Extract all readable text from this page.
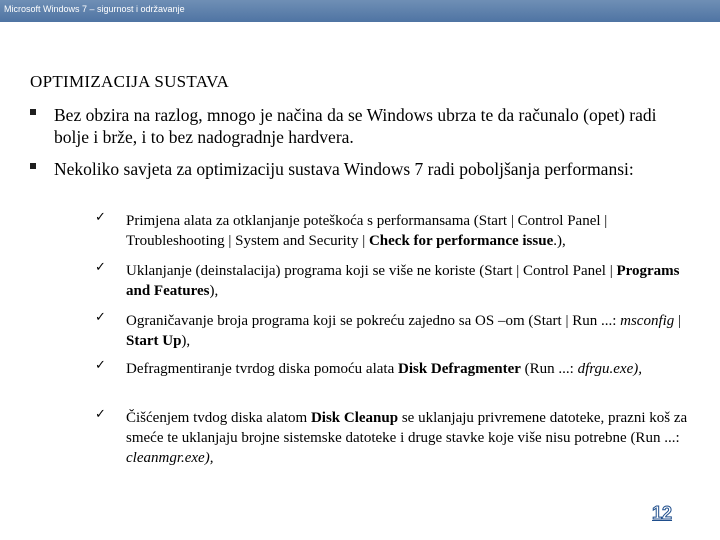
Microsoft Windows 7 – sigurnost i održavanje
OPTIMIZACIJA SUSTAVA
Bez obzira na razlog, mnogo je načina da se Windows ubrza te da računalo (opet) radi bolje i brže, i to bez nadogradnje hardvera.
Nekoliko savjeta za optimizaciju sustava Windows 7 radi poboljšanja performansi:
✓ Primjena alata za otklanjanje poteškoća s performansama (Start | Control Panel | Troubleshooting | System and Security | Check for performance issue.),
✓ Uklanjanje (deinstalacija) programa koji se više ne koriste (Start | Control Panel | Programs and Features),
✓ Ograničavanje broja programa koji se pokreću zajedno sa OS –om (Start | Run ...: msconfig | Start Up),
✓ Defragmentiranje tvrdog diska pomoću alata Disk Defragmenter (Run ...: dfrgu.exe),
✓ Čišćenjem tvdog diska alatom Disk Cleanup se uklanjaju privremene datoteke, prazni koš za smeće te uklanjaju brojne sistemske datoteke i druge stavke koje više nisu potrebne (Run ...: cleanmgr.exe),
12
